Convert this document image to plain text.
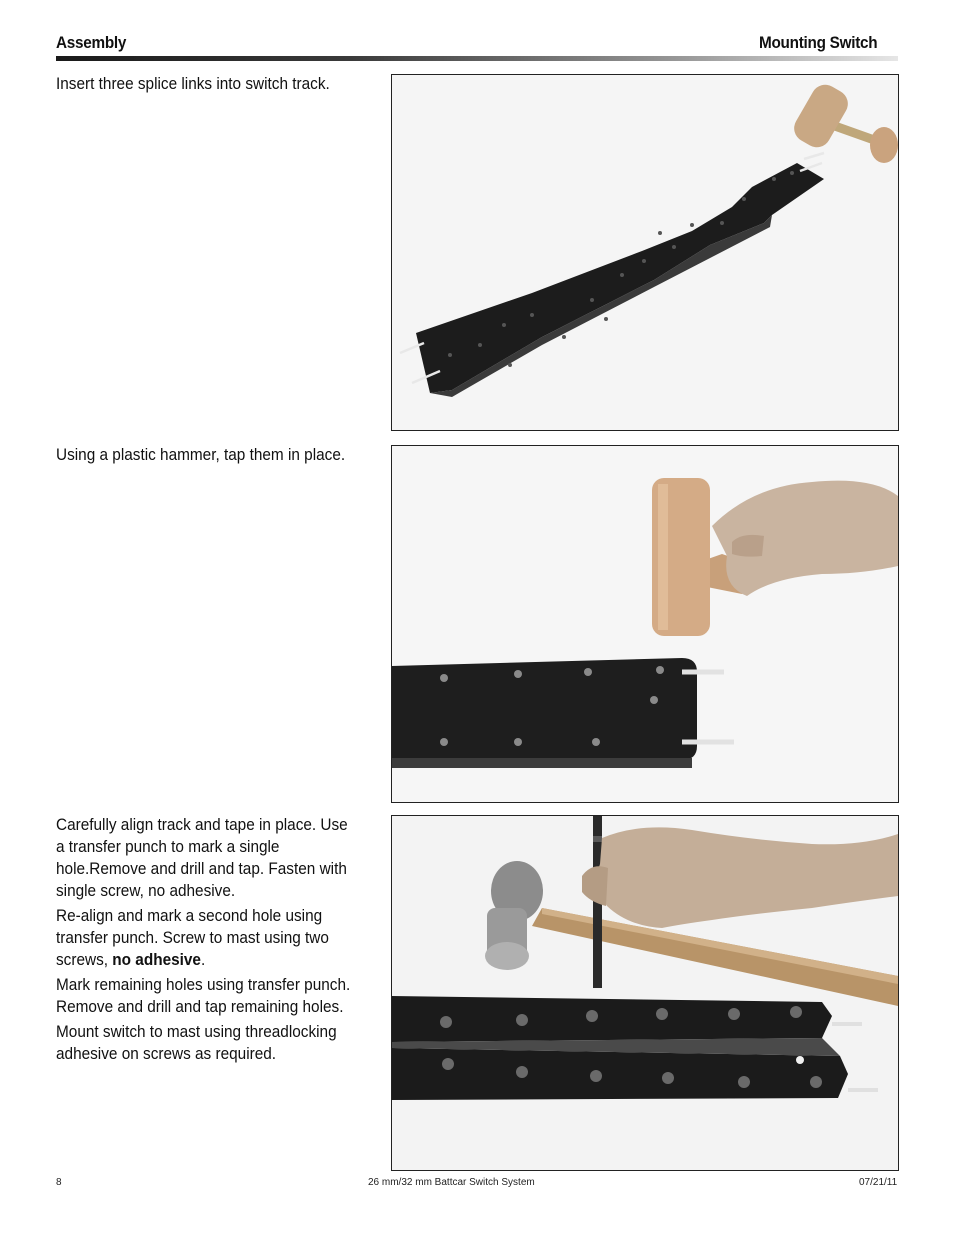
Assembly	Mounting Switch

Insert three splice links into switch track.

Using a plastic hammer, tap them in place.

Carefully align track and tape in place. Use a transfer punch to mark a single hole.Remove and drill and tap. Fasten with single screw, no adhesive.

Re-align and mark a second hole using transfer punch. Screw to mast using two screws, no adhesive.

Mark remaining holes using transfer punch. Remove and drill and tap remaining holes.

Mount switch to mast using threadlocking adhesive on screws as required.

8	26 mm/32 mm Battcar Switch System	07/21/11
